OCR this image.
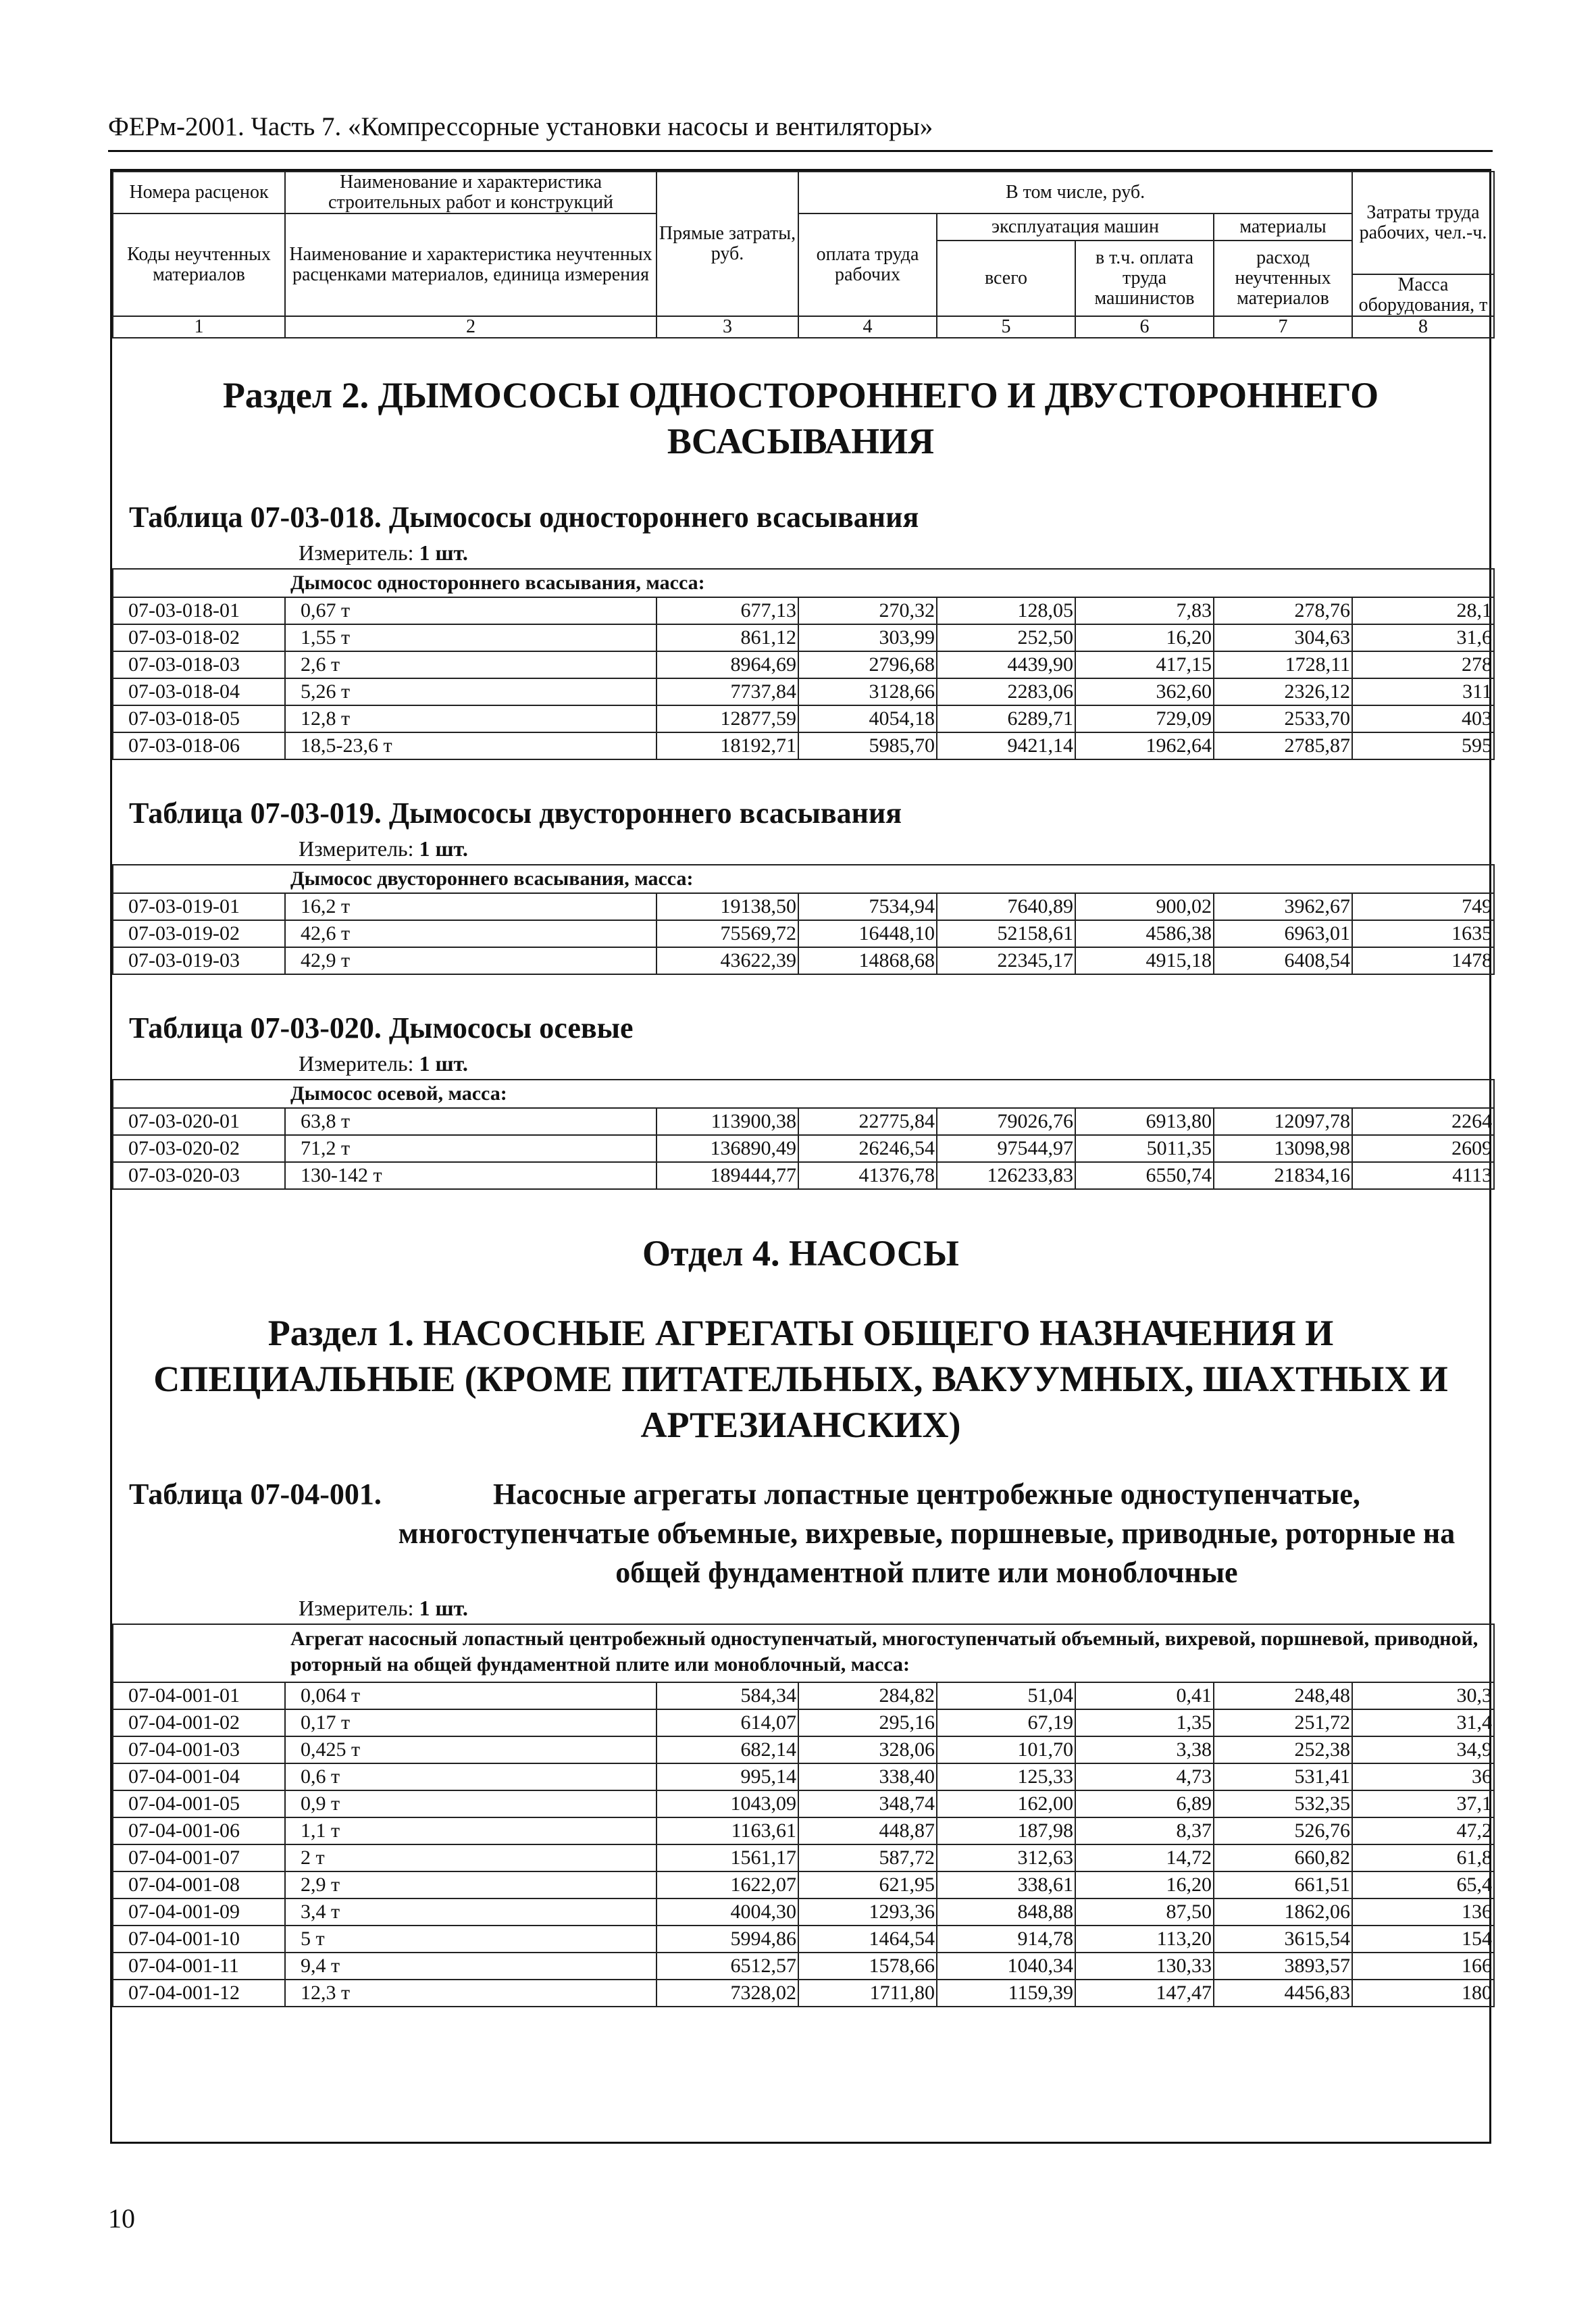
ФЕРм-2001. Часть 7. «Компрессорные установки насосы и вентиляторы»
Номера расценок	Наименование и характеристика строительных работ и конструкций	Прямые затраты, руб.	В том числе, руб.				Затраты труда рабочих, чел.-ч.
Коды неучтенных материалов	Наименование и характеристика неучтенных расценками материалов, единица измерения		оплата труда рабочих	эксплуатация машин		материалы	
				всего	в т.ч. оплата труда машинистов	расход неучтенных материалов	
							Масса оборудования, т
1	2	3	4	5	6	7	8
Раздел 2. ДЫМОСОСЫ ОДНОСТОРОННЕГО И ДВУСТОРОННЕГО ВСАСЫВАНИЯ
Таблица 07-03-018. Дымососы одностороннего всасывания
Измеритель: 1 шт.
Дымосос одностороннего всасывания, масса:							
07-03-018-01	0,67 т	677,13	270,32	128,05	7,83	278,76	28,1
07-03-018-02	1,55 т	861,12	303,99	252,50	16,20	304,63	31,6
07-03-018-03	2,6 т	8964,69	2796,68	4439,90	417,15	1728,11	278
07-03-018-04	5,26 т	7737,84	3128,66	2283,06	362,60	2326,12	311
07-03-018-05	12,8 т	12877,59	4054,18	6289,71	729,09	2533,70	403
07-03-018-06	18,5-23,6 т	18192,71	5985,70	9421,14	1962,64	2785,87	595
Таблица 07-03-019. Дымососы двустороннего всасывания
Измеритель: 1 шт.
Дымосос двустороннего всасывания, масса:							
07-03-019-01	16,2 т	19138,50	7534,94	7640,89	900,02	3962,67	749
07-03-019-02	42,6 т	75569,72	16448,10	52158,61	4586,38	6963,01	1635
07-03-019-03	42,9 т	43622,39	14868,68	22345,17	4915,18	6408,54	1478
Таблица 07-03-020. Дымососы осевые
Измеритель: 1 шт.
Дымосос осевой, масса:							
07-03-020-01	63,8 т	113900,38	22775,84	79026,76	6913,80	12097,78	2264
07-03-020-02	71,2 т	136890,49	26246,54	97544,97	5011,35	13098,98	2609
07-03-020-03	130-142 т	189444,77	41376,78	126233,83	6550,74	21834,16	4113
Отдел 4. НАСОСЫ
Раздел 1. НАСОСНЫЕ АГРЕГАТЫ ОБЩЕГО НАЗНАЧЕНИЯ И СПЕЦИАЛЬНЫЕ (КРОМЕ ПИТАТЕЛЬНЫХ, ВАКУУМНЫХ, ШАХТНЫХ И АРТЕЗИАНСКИХ)
Таблица 07-04-001.	Насосные агрегаты лопастные центробежные одноступенчатые, многоступенчатые объемные, вихревые, поршневые, приводные, роторные на общей фундаментной плите или моноблочные
Измеритель: 1 шт.
Агрегат насосный лопастный центробежный одноступенчатый, многоступенчатый объемный, вихревой, поршневой, приводной, роторный на общей фундаментной плите или моноблочный, масса:							
07-04-001-01	0,064 т	584,34	284,82	51,04	0,41	248,48	30,3
07-04-001-02	0,17 т	614,07	295,16	67,19	1,35	251,72	31,4
07-04-001-03	0,425 т	682,14	328,06	101,70	3,38	252,38	34,9
07-04-001-04	0,6 т	995,14	338,40	125,33	4,73	531,41	36
07-04-001-05	0,9 т	1043,09	348,74	162,00	6,89	532,35	37,1
07-04-001-06	1,1 т	1163,61	448,87	187,98	8,37	526,76	47,2
07-04-001-07	2 т	1561,17	587,72	312,63	14,72	660,82	61,8
07-04-001-08	2,9 т	1622,07	621,95	338,61	16,20	661,51	65,4
07-04-001-09	3,4 т	4004,30	1293,36	848,88	87,50	1862,06	136
07-04-001-10	5 т	5994,86	1464,54	914,78	113,20	3615,54	154
07-04-001-11	9,4 т	6512,57	1578,66	1040,34	130,33	3893,57	166
07-04-001-12	12,3 т	7328,02	1711,80	1159,39	147,47	4456,83	180
10
